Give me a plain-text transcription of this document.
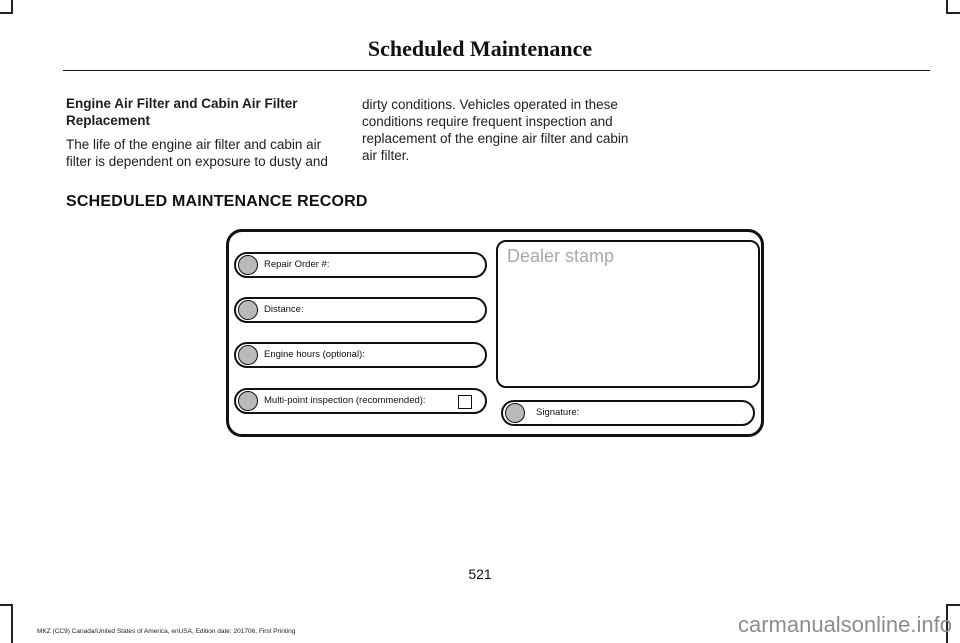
Scheduled Maintenance

Engine Air Filter and Cabin Air Filter Replacement

The life of the engine air filter and cabin air filter is dependent on exposure to dusty and

dirty conditions. Vehicles operated in these conditions require frequent inspection and replacement of the engine air filter and cabin air filter.

SCHEDULED MAINTENANCE RECORD
Repair Order #:
Distance:
Engine hours (optional):
Multi-point inspection (recommended):
Dealer stamp
Signature:
521
MKZ (CC9) Canada/United States of America, enUSA, Edition date: 201706, First Printing	carmanualsonline.info
